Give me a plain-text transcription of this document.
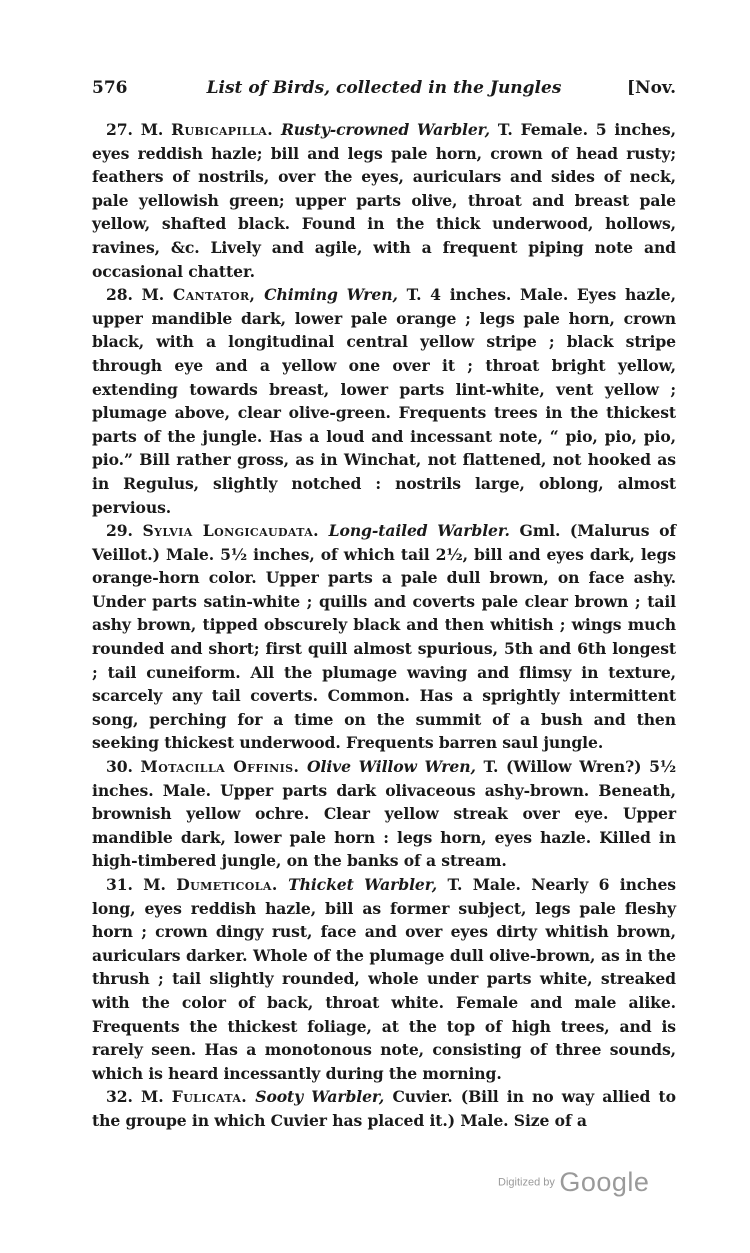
576	List of Birds, collected in the Jungles	[Nov.

27. M. Rubicapilla. Rusty-crowned Warbler, T. Female. 5 inches, eyes reddish hazle; bill and legs pale horn, crown of head rusty; feathers of nostrils, over the eyes, auriculars and sides of neck, pale yellowish green; upper parts olive, throat and breast pale yellow, shafted black. Found in the thick underwood, hollows, ravines, &c. Lively and agile, with a frequent piping note and occasional chatter.

28. M. Cantator, Chiming Wren, T. 4 inches. Male. Eyes hazle, upper mandible dark, lower pale orange ; legs pale horn, crown black, with a longitudinal central yellow stripe ; black stripe through eye and a yellow one over it ; throat bright yellow, extending towards breast, lower parts lint-white, vent yellow ; plumage above, clear olive-green. Frequents trees in the thickest parts of the jungle. Has a loud and incessant note, “ pio, pio, pio, pio.” Bill rather gross, as in Winchat, not flattened, not hooked as in Regulus, slightly notched : nostrils large, oblong, almost pervious.

29. Sylvia Longicaudata. Long-tailed Warbler. Gml. (Malurus of Veillot.) Male. 5½ inches, of which tail 2½, bill and eyes dark, legs orange-horn color. Upper parts a pale dull brown, on face ashy. Under parts satin-white ; quills and coverts pale clear brown ; tail ashy brown, tipped obscurely black and then whitish ; wings much rounded and short; first quill almost spurious, 5th and 6th longest ; tail cuneiform. All the plumage waving and flimsy in texture, scarcely any tail coverts. Common. Has a sprightly intermittent song, perching for a time on the summit of a bush and then seeking thickest underwood. Frequents barren saul jungle.

30. Motacilla Offinis. Olive Willow Wren, T. (Willow Wren?) 5½ inches. Male. Upper parts dark olivaceous ashy-brown. Beneath, brownish yellow ochre. Clear yellow streak over eye. Upper mandible dark, lower pale horn : legs horn, eyes hazle. Killed in high-timbered jungle, on the banks of a stream.

31. M. Dumeticola. Thicket Warbler, T. Male. Nearly 6 inches long, eyes reddish hazle, bill as former subject, legs pale fleshy horn ; crown dingy rust, face and over eyes dirty whitish brown, auriculars darker. Whole of the plumage dull olive-brown, as in the thrush ; tail slightly rounded, whole under parts white, streaked with the color of back, throat white. Female and male alike. Frequents the thickest foliage, at the top of high trees, and is rarely seen. Has a monotonous note, consisting of three sounds, which is heard incessantly during the morning.

32. M. Fulicata. Sooty Warbler, Cuvier. (Bill in no way allied to the groupe in which Cuvier has placed it.) Male. Size of a

Digitized by Google
